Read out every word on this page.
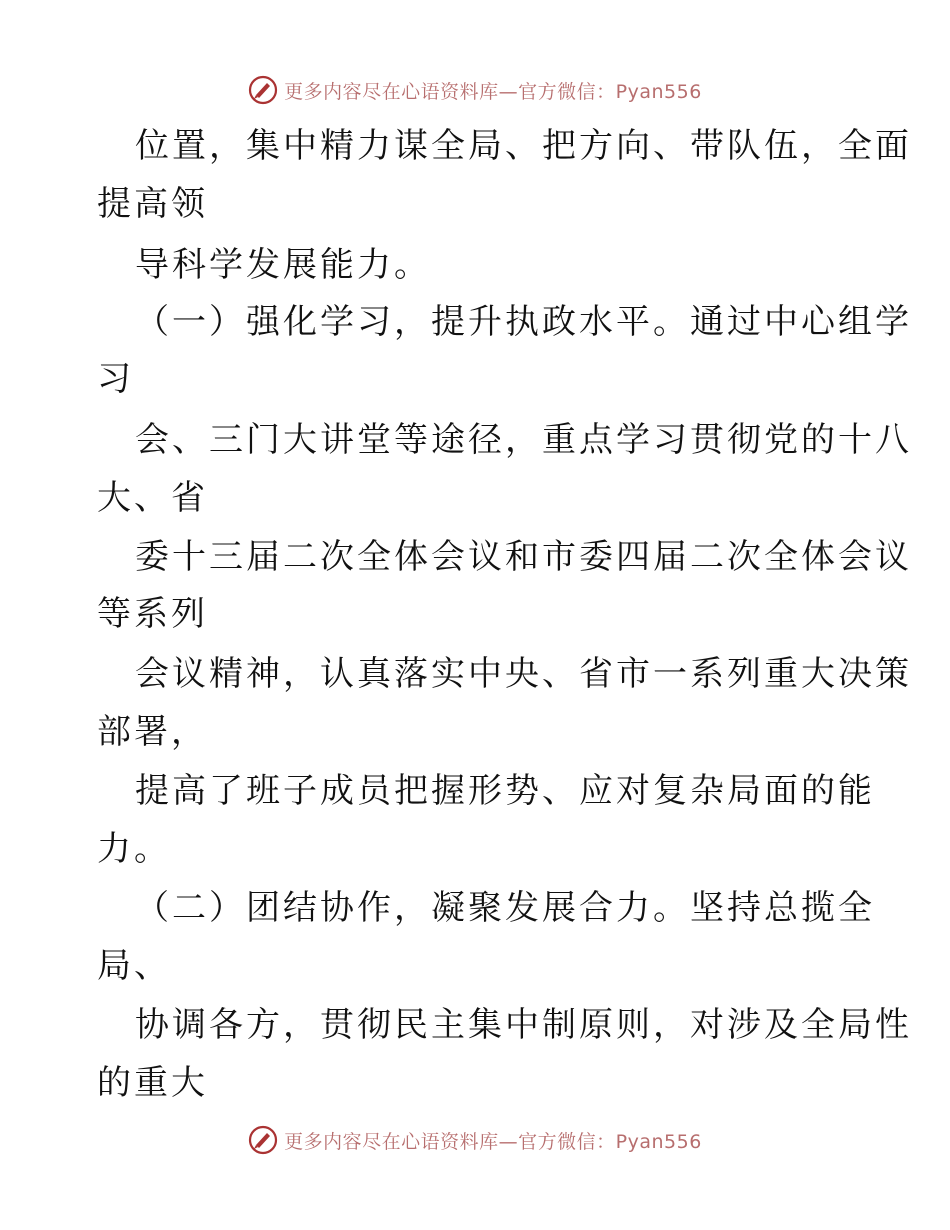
更多内容尽在心语资料库—官方微信：Pyan556
位置，集中精力谋全局、把方向、带队伍，全面
提高领
导科学发展能力。
（一）强化学习，提升执政水平。通过中心组学
习
会、三门大讲堂等途径，重点学习贯彻党的十八
大、省
委十三届二次全体会议和市委四届二次全体会议
等系列
会议精神，认真落实中央、省市一系列重大决策
部署，
提高了班子成员把握形势、应对复杂局面的能
力。
（二）团结协作，凝聚发展合力。坚持总揽全
局、
协调各方，贯彻民主集中制原则，对涉及全局性
的重大
更多内容尽在心语资料库—官方微信：Pyan556
